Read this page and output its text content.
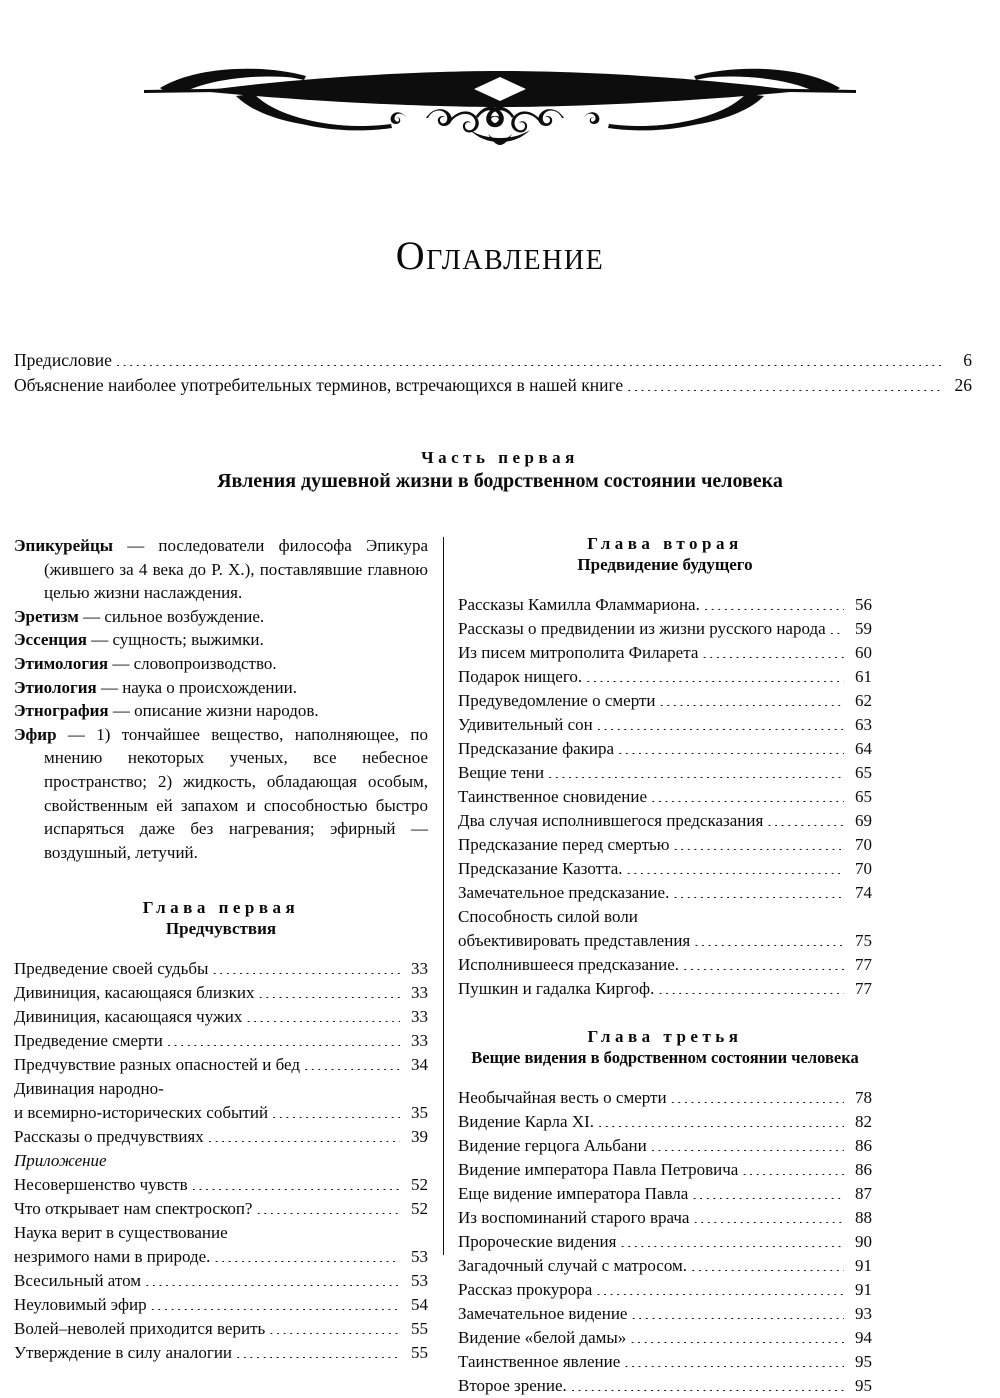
Оглавление
Предисловие .....	6
Объяснение наиболее употребительных терминов, встречающихся в нашей книге .....	26
Часть первая
Явления душевной жизни в бодрственном состоянии человека

Эпикурейцы — последователи филосѻфа Эпикура (жившего за 4 века до Р. Х.), поставлявшие главною целью жизни наслаждения.

Эретизм — сильное возбуждение.

Эссенция — сущность; выжимки.

Этимология — словопроизводство.

Этиология — наука о происхождении.

Этнография — описание жизни народов.

Эфир — 1) тончайшее вещество, наполняющее, по мнению некоторых ученых, все небесное пространство; 2) жидкость, обладающая особым, свойственным ей запахом и способностью быстро испаряться даже без нагревания; эфирный — воздушный, летучий.

Глава первая
Предчувствия
Предведение своей судьбы .....	33
Дивиниция, касающаяся близких .....	33
Дивиниция, касающаяся чужих .....	33
Предведение смерти .....	33
Предчувствие разных опасностей и бед .....	34
Дивинация народно-
и всемирно-исторических событий .....	35
Рассказы о предчувствиях .....	39
Приложение
Несовершенство чувств .....	52
Что открывает нам спектроскоп? .....	52
Наука верит в существование
незримого нами в природе. .....	53
Всесильный атом .....	53
Неуловимый эфир .....	54
Волей–неволей приходится верить .....	55
Утверждение в силу аналогии .....	55
Глава вторая
Предвидение будущего
Рассказы Камилла Фламмариона. .....	56
Рассказы о предвидении из жизни русского народа .....	59
Из писем митрополита Филарета .....	60
Подарок нищего. .....	61
Предуведомление о смерти .....	62
Удивительный сон .....	63
Предсказание факира .....	64
Вещие тени .....	65
Таинственное сновидение .....	65
Два случая исполнившегося предсказания .....	69
Предсказание перед смертью .....	70
Предсказание Казотта. .....	70
Замечательное предсказание. .....	74
Способность силой воли
объективировать представления .....	75
Исполнившееся предсказание. .....	77
Пушкин и гадалка Киргоф. .....	77
Глава третья
Вещие видения в бодрственном состоянии человека
Необычайная весть о смерти .....	78
Видение Карла XI. .....	82
Видение герцога Альбани .....	86
Видение императора Павла Петровича .....	86
Еще видение императора Павла .....	87
Из воспоминаний старого врача .....	88
Пророческие видения .....	90
Загадочный случай с матросом. .....	91
Рассказ прокурора .....	91
Замечательное видение .....	93
Видение «белой дамы» .....	94
Таинственное явление .....	95
Второе зрение. .....	95
